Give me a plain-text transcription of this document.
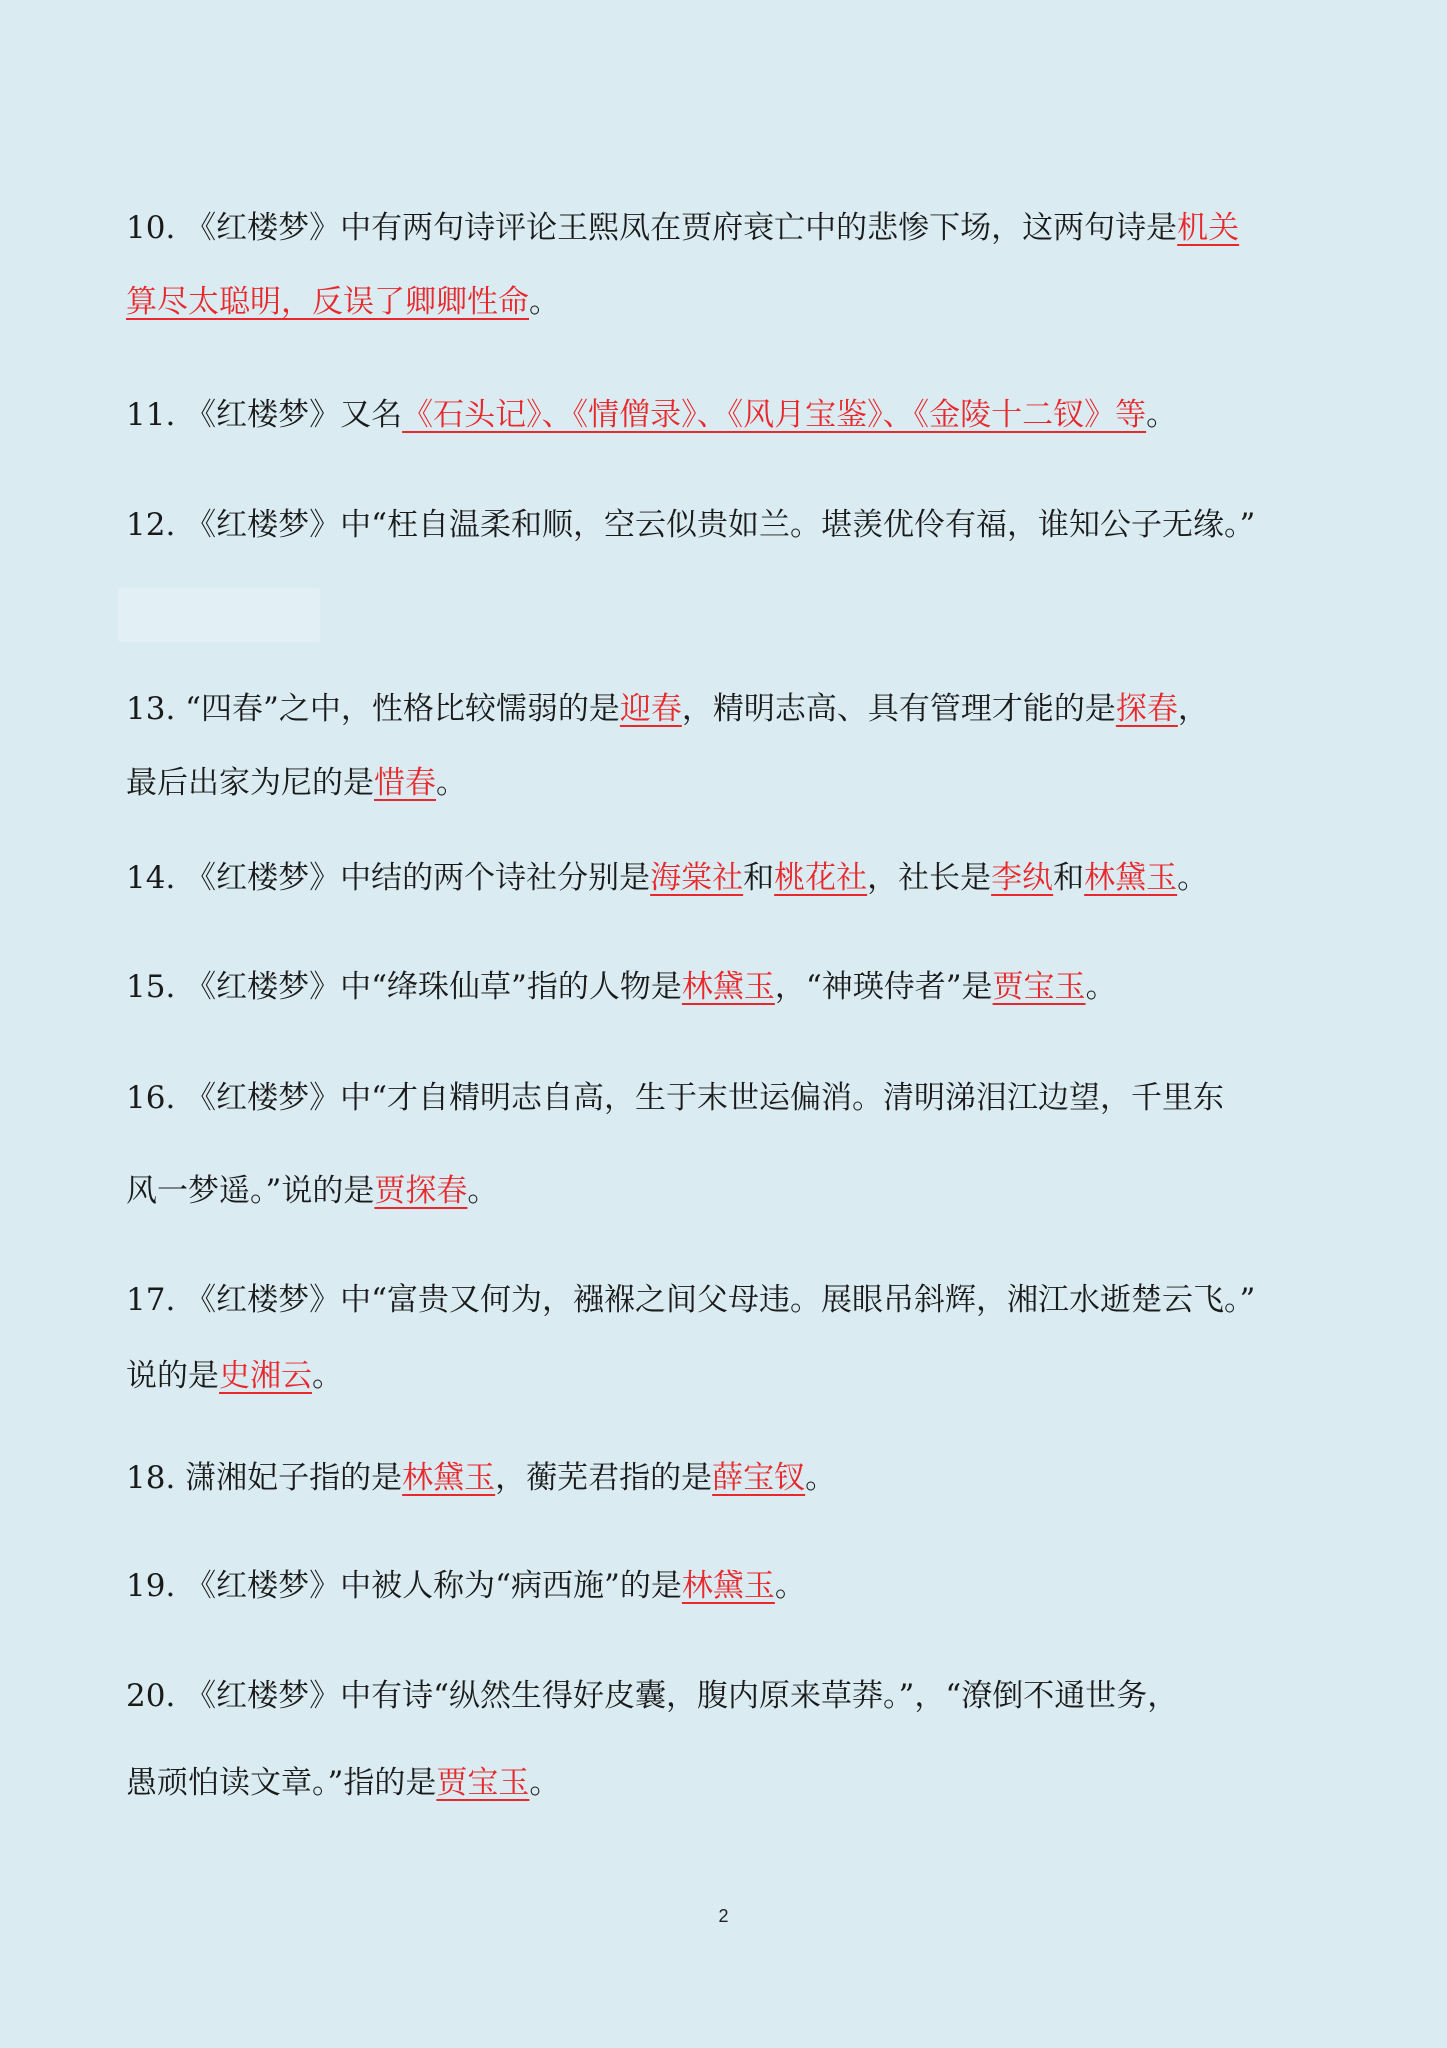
10. 《红楼梦》中有两句诗评论王熙凤在贾府衰亡中的悲惨下场，这两句诗是机关
算尽太聪明，反误了卿卿性命。
11. 《红楼梦》又名《石头记》、《情僧录》、《风月宝鉴》、《金陵十二钗》等。
12. 《红楼梦》中“枉自温柔和顺，空云似贵如兰。堪羡优伶有福，谁知公子无缘。”
13. “四春”之中，性格比较懦弱的是迎春，精明志高、具有管理才能的是探春，
最后出家为尼的是惜春。
14. 《红楼梦》中结的两个诗社分别是海棠社和桃花社，社长是李纨和林黛玉。
15. 《红楼梦》中“绛珠仙草”指的人物是林黛玉，“神瑛侍者”是贾宝玉。
16. 《红楼梦》中“才自精明志自高，生于末世运偏消。清明涕泪江边望，千里东
风一梦遥。”说的是贾探春。
17. 《红楼梦》中“富贵又何为，襁褓之间父母违。展眼吊斜辉，湘江水逝楚云飞。”
说的是史湘云。
18. 潇湘妃子指的是林黛玉，蘅芜君指的是薛宝钗。
19. 《红楼梦》中被人称为“病西施”的是林黛玉。
20. 《红楼梦》中有诗“纵然生得好皮囊，腹内原来草莽。”，“潦倒不通世务，
愚顽怕读文章。”指的是贾宝玉。
2
